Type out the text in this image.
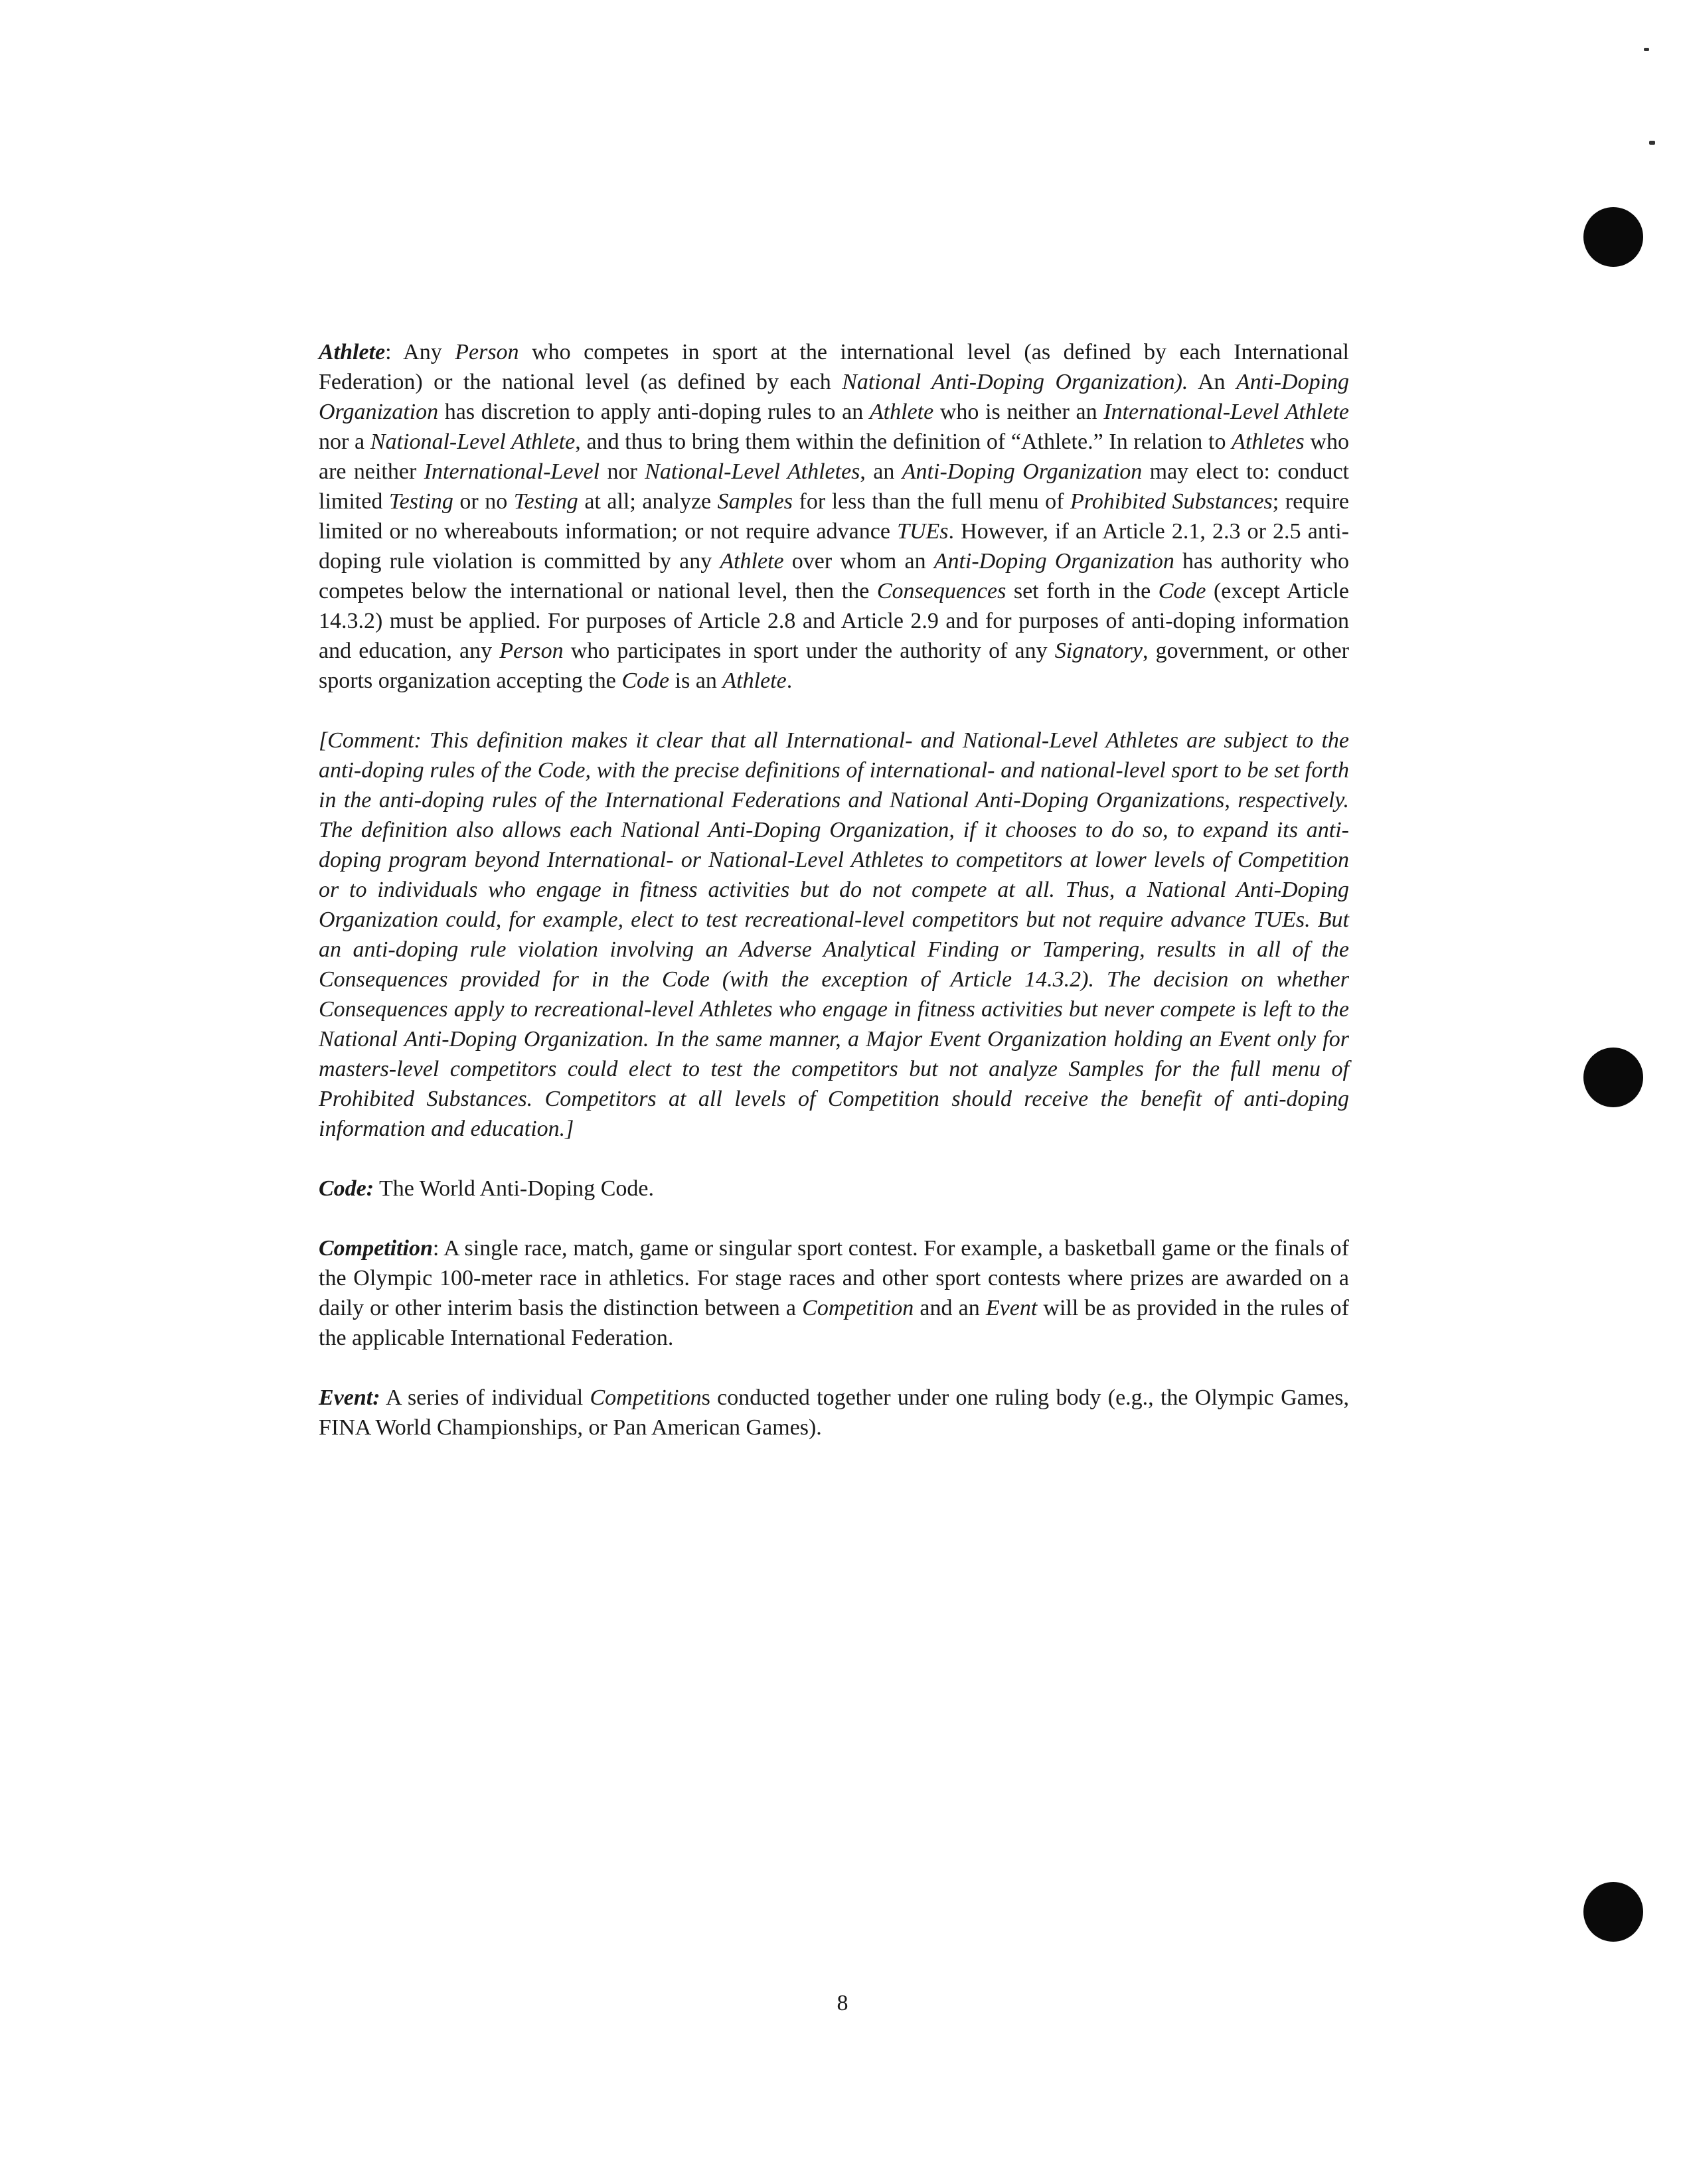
Athlete: Any Person who competes in sport at the international level (as defined by each International Federation) or the national level (as defined by each National Anti-Doping Organization). An Anti-Doping Organization has discretion to apply anti-doping rules to an Athlete who is neither an International-Level Athlete nor a National-Level Athlete, and thus to bring them within the definition of “Athlete.” In relation to Athletes who are neither International-Level nor National-Level Athletes, an Anti-Doping Organization may elect to: conduct limited Testing or no Testing at all; analyze Samples for less than the full menu of Prohibited Substances; require limited or no whereabouts information; or not require advance TUEs. However, if an Article 2.1, 2.3 or 2.5 anti-doping rule violation is committed by any Athlete over whom an Anti-Doping Organization has authority who competes below the international or national level, then the Consequences set forth in the Code (except Article 14.3.2) must be applied. For purposes of Article 2.8 and Article 2.9 and for purposes of anti-doping information and education, any Person who participates in sport under the authority of any Signatory, government, or other sports organization accepting the Code is an Athlete.

[Comment: This definition makes it clear that all International- and National-Level Athletes are subject to the anti-doping rules of the Code, with the precise definitions of international- and national-level sport to be set forth in the anti-doping rules of the International Federations and National Anti-Doping Organizations, respectively. The definition also allows each National Anti-Doping Organization, if it chooses to do so, to expand its anti-doping program beyond International- or National-Level Athletes to competitors at lower levels of Competition or to individuals who engage in fitness activities but do not compete at all. Thus, a National Anti-Doping Organization could, for example, elect to test recreational-level competitors but not require advance TUEs. But an anti-doping rule violation involving an Adverse Analytical Finding or Tampering, results in all of the Consequences provided for in the Code (with the exception of Article 14.3.2). The decision on whether Consequences apply to recreational-level Athletes who engage in fitness activities but never compete is left to the National Anti-Doping Organization. In the same manner, a Major Event Organization holding an Event only for masters-level competitors could elect to test the competitors but not analyze Samples for the full menu of Prohibited Substances. Competitors at all levels of Competition should receive the benefit of anti-doping information and education.]

Code: The World Anti-Doping Code.

Competition: A single race, match, game or singular sport contest. For example, a basketball game or the finals of the Olympic 100-meter race in athletics. For stage races and other sport contests where prizes are awarded on a daily or other interim basis the distinction between a Competition and an Event will be as provided in the rules of the applicable International Federation.

Event: A series of individual Competitions conducted together under one ruling body (e.g., the Olympic Games, FINA World Championships, or Pan American Games).

8
